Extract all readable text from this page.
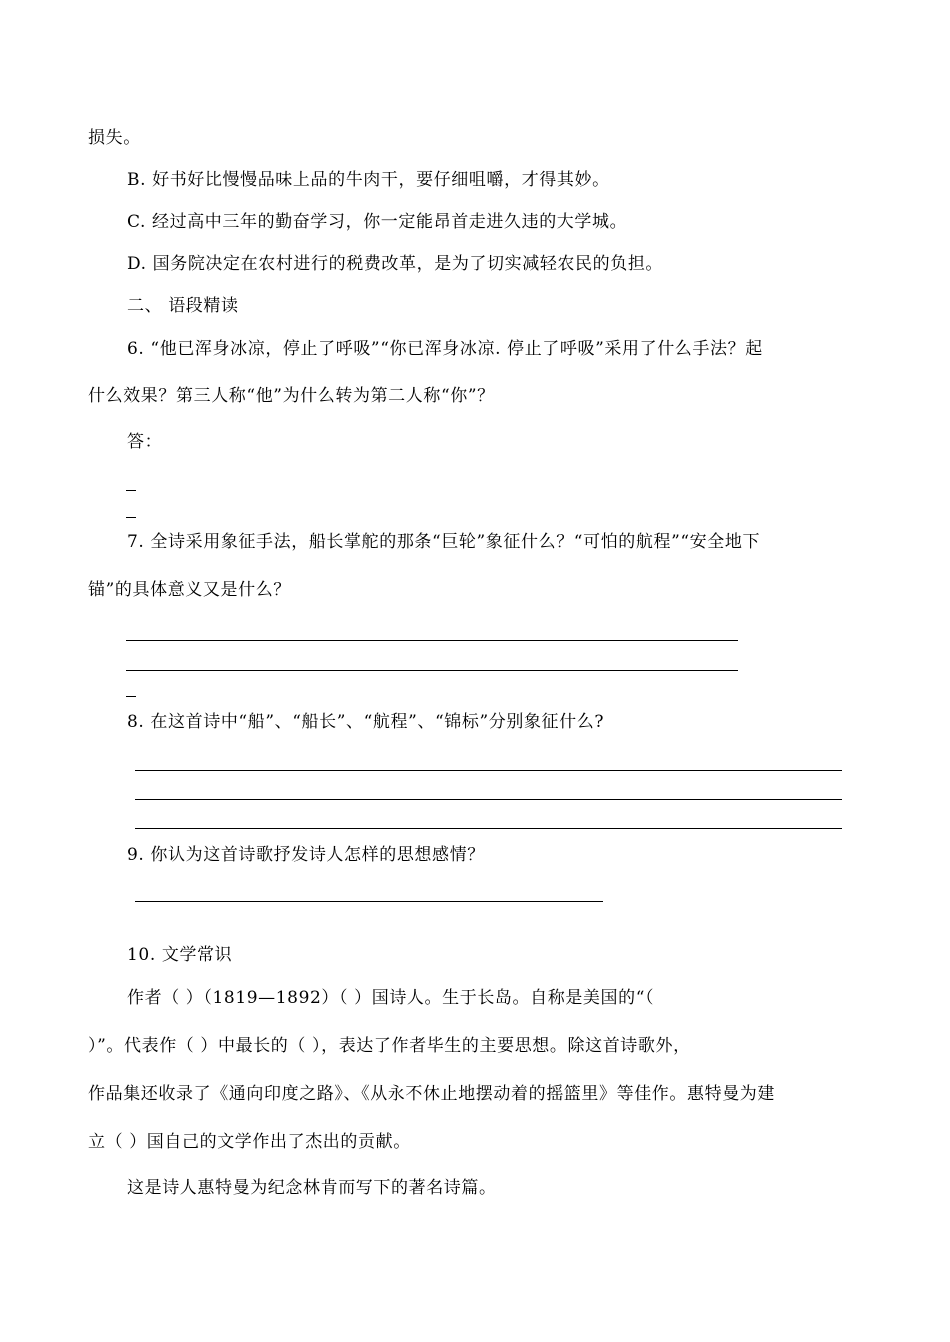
损失。
B. 好书好比慢慢品味上品的牛肉干，要仔细咀嚼，才得其妙。
C. 经过高中三年的勤奋学习，你一定能昂首走进久违的大学城。
D. 国务院决定在农村进行的税费改革，是为了切实减轻农民的负担。
二、 语段精读
6. “他已浑身冰凉，停止了呼吸”“你已浑身冰凉. 停止了呼吸”采用了什么手法？起
什么效果？第三人称“他”为什么转为第二人称“你”？
答：
7. 全诗采用象征手法，船长掌舵的那条“巨轮”象征什么？“可怕的航程”“安全地下
锚”的具体意义又是什么？
8. 在这首诗中“船”、“船长”、“航程”、“锦标”分别象征什么?
9. 你认为这首诗歌抒发诗人怎样的思想感情？
10. 文学常识
作者（ ）（1819—1892）（ ）国诗人。生于长岛。自称是美国的“（
）”。代表作（ ）中最长的（ ），表达了作者毕生的主要思想。除这首诗歌外，
作品集还收录了《通向印度之路》、《从永不休止地摆动着的摇篮里》等佳作。惠特曼为建
立（ ）国自己的文学作出了杰出的贡献。
这是诗人惠特曼为纪念林肯而写下的著名诗篇。
